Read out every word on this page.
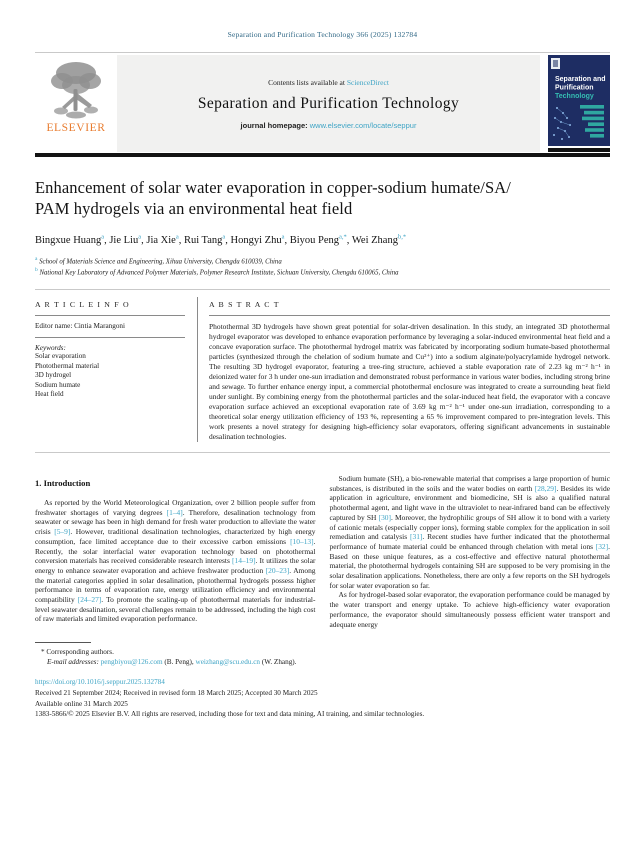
Separation and Purification Technology 366 (2025) 132784
ELSEVIER
Contents lists available at ScienceDirect
Separation and Purification Technology
journal homepage: www.elsevier.com/locate/seppur
Separation and
Purification
Technology
Enhancement of solar water evaporation in copper-sodium humate/SA/
PAM hydrogels via an environmental heat field
Bingxue Huang$^a$, Jie Liu$^a$, Jia Xie$^a$, Rui Tang$^a$, Hongyi Zhu$^a$, Biyou Peng$^{a,*}$, Wei Zhang$^{b,*}$
$^a$ School of Materials Science and Engineering, Xihua University, Chengdu 610039, China
$^b$ National Key Laboratory of Advanced Polymer Materials, Polymer Research Institute, Sichuan University, Chengdu 610065, China
A R T I C L E I N F O
Editor name: Cintia Marangoni
Keywords:
Solar evaporation
Photothermal material
3D hydrogel
Sodium humate
Heat field
A B S T R A C T
Photothermal 3D hydrogels have shown great potential for solar-driven desalination. In this study, an integrated 3D photothermal hydrogel evaporator was developed to enhance evaporation performance by leveraging a solar-induced environmental heat field and a concave evaporation surface. The photothermal hydrogel matrix was fabricated by incorporating sodium humate-based photothermal particles (synthesized through the chelation of sodium humate and Cu²⁺) into a sodium alginate/polyacrylamide hydrogel network. The resulting 3D hydrogel evaporator, featuring a tree-ring structure, achieved a stable evaporation rate of 2.23 kg m⁻² h⁻¹ in deionized water for 3 h under one-sun irradiation and demonstrated robust performance in various water bodies, including strong brine and sewage. To further enhance energy input, a commercial photothermal enclosure was integrated to create a surrounding heat field under sunlight. By combining energy from the photothermal particles and the solar-induced heat field, the evaporator with a concave evaporation surface achieved an exceptional evaporation rate of 3.69 kg m⁻² h⁻¹ under one-sun irradiation, corresponding to a theoretical solar energy utilization efficiency of 193 %, representing a 65 % improvement compared to pre-integration levels. This work presents a novel strategy for designing high-efficiency solar evaporators, offering significant advancements in sustainable desalination technologies.
1. Introduction

As reported by the World Meteorological Organization, over 2 billion people suffer from freshwater shortages of varying degrees [1–4]. Therefore, desalination technology from seawater or sewage has been in high demand for fresh water production to alleviate the water crisis [5–9]. However, traditional desalination technologies, characterized by high energy consumption, face limited acceptance due to their excessive carbon emissions [10–13]. Recently, the solar interfacial water evaporation technology based on photothermal conversion materials has received considerable research interests [14–19]. It utilizes the solar energy to enhance seawater evaporation and achieve freshwater production [20–23]. Among the material categories applied in solar desalination, photothermal hydrogels possess higher performance in terms of evaporation rate, energy utilization efficiency and environmental compatibility [24–27]. To promote the scaling-up of photothermal materials for industrial-level seawater desalination, several challenges remain to be addressed, including the high cost of raw materials and limited evaporation performance.

Sodium humate (SH), a bio-renewable material that comprises a large proportion of humic substances, is distributed in the soils and the water bodies on earth [28,29]. Besides its wide application in agriculture, environment and biomedicine, SH is also a qualified natural photothermal agent, and light wave in the ultraviolet to near-infrared band can be effectively captured by SH [30]. Moreover, the hydrophilic groups of SH allow it to bond with a variety of cationic metals (especially copper ions), forming stable complex for the application in soil remediation and catalysis [31]. Recent studies have further indicated that the photothermal performance of humate material could be enhanced through chelation with metal ions [32]. Based on these unique features, as a cost-effective and effective natural photothermal material, the photothermal hydrogels containing SH are supposed to be very promising in the solar desalination applications. Nonetheless, there are only a few reports on the SH hydrogels for solar water evaporation so far.

As for hydrogel-based solar evaporator, the evaporation performance could be managed by the water transport and energy uptake. To achieve high-efficiency water evaporation performance, the evaporator should simultaneously possess efficient water transport and adequate energy

* Corresponding authors.
E-mail addresses: pengbiyou@126.com (B. Peng), weizhang@scu.edu.cn (W. Zhang).
https://doi.org/10.1016/j.seppur.2025.132784
Received 21 September 2024; Received in revised form 18 March 2025; Accepted 30 March 2025
Available online 31 March 2025
1383-5866/© 2025 Elsevier B.V. All rights are reserved, including those for text and data mining, AI training, and similar technologies.
